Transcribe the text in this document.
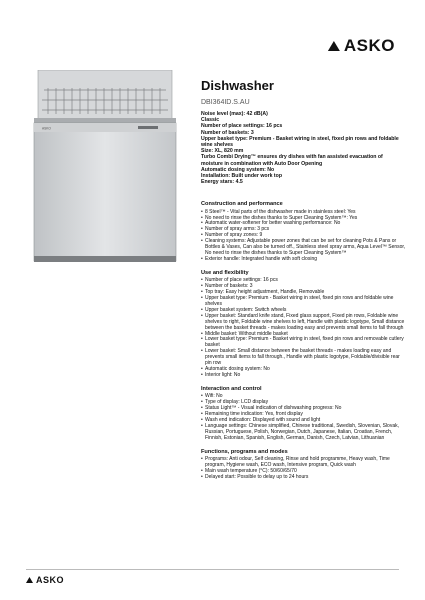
ASKO
ASKO
Dishwasher
DBI364ID.S.AU
Noise level (max): 42 dB(A)
Classic
Number of place settings: 16 pcs
Number of baskets: 3
Upper basket type: Premium - Basket wiring in steel, fixed pin rows and foldable wine shelves
Size: XL, 820 mm
Turbo Combi Drying™ ensures dry dishes with fan assisted evacuation of moisture in combination with Auto Door Opening
Automatic dosing system: No
Installation: Built under work top
Energy stars: 4.5
Construction and performance
• 8 Steel™ - Vital parts of the dishwasher made in stainless steel: Yes
• No need to rinse the dishes thanks to Super Cleaning System™: Yes
• Automatic water-softener for better washing performance: No
• Number of spray arms: 3 pcs
• Number of spray zones: 9
• Cleaning systems: Adjustable power zones that can be set for cleaning Pots & Pans or Bottles & Vases, Can also be turned off., Stainless steel spray arms, Aqua Level™ Sensor, No need to rinse the dishes thanks to Super Cleaning System™
• Exterior handle: Integrated handle with soft closing
Use and flexibility
• Number of place settings: 16 pcs
• Number of baskets: 3
• Top tray: Easy height adjustment, Handle, Removable
• Upper basket type: Premium - Basket wiring in steel, fixed pin rows and foldable wine shelves
• Upper basket system: Switch wheels
• Upper basket: Standard knife stand, Fixed glass support, Fixed pin rows, Foldable wine shelves to right, Foldable wine shelves to left, Handle with plastic logotype, Small distance between the basket threads - makes loading easy and prevents small items to fall through
• Middle basket: Without middle basket
• Lower basket type: Premium - Basket wiring in steel, fixed pin rows and removable cutlery basket
• Lower basket: Small distance between the basket threads - makes loading easy and prevents small items to fall through., Handle with plastic logotype, Foldable/divisible rear pin row
• Automatic dosing system: No
• Interior light: No
Interaction and control
• Wifi: No
• Type of display: LCD display
• Status Light™ - Visual indication of dishwashing progress: No
• Remaining time indication: Yes, front display
• Wash end indication: Displayed with sound and light
• Language settings: Chinese simplified, Chinese traditional, Swedish, Slovenian, Slovak, Russian, Portuguese, Polish, Norwegian, Dutch, Japanese, Italian, Croatian, French, Finnish, Estonian, Spanish, English, German, Danish, Czech, Latvian, Lithuanian
Functions, programs and modes
• Programs: Anti odour, Self cleaning, Rinse and hold programme, Heavy wash, Time program, Hygiene wash, ECO wash, Intensive program, Quick wash
• Main wash temperature (°C): 50/60/65/70
• Delayed start: Possible to delay up to 24 hours
ASKO
